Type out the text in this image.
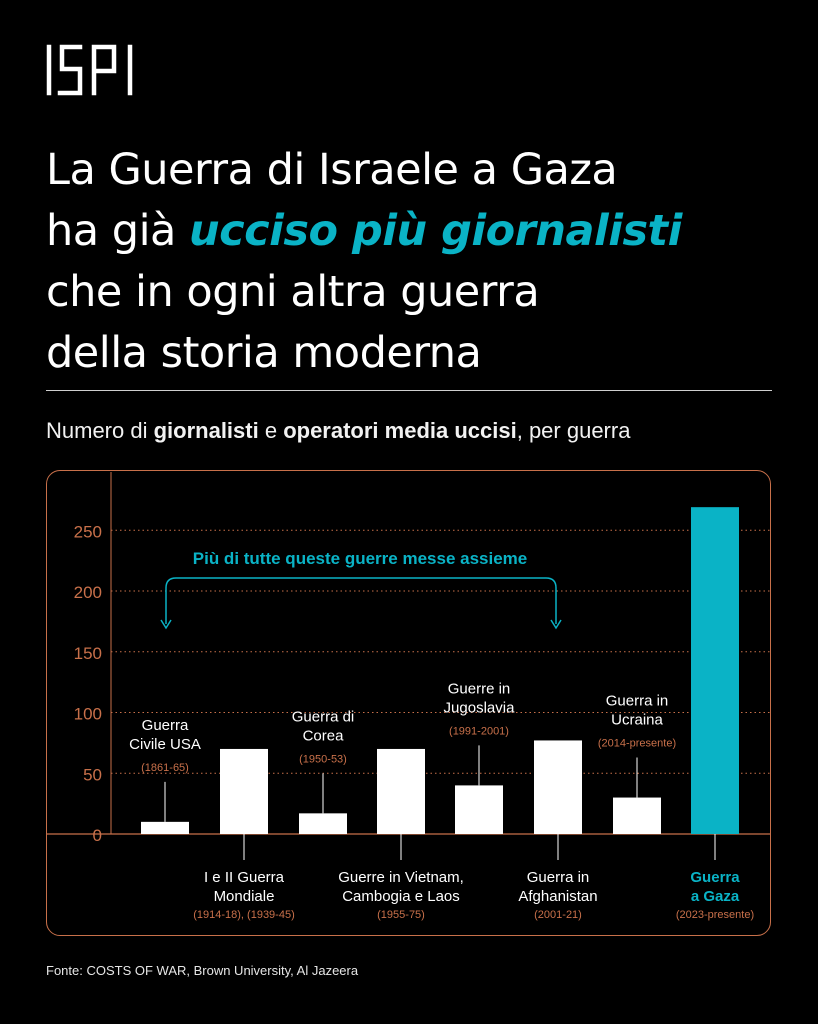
La Guerra di Israele a Gaza
ha già ucciso più giornalisti
che in ogni altra guerra
della storia moderna
Numero di giornalisti e operatori media uccisi, per guerra
0
50
100
150
200
250
Guerra
Civile USA
(1861-65)
I e II Guerra
Mondiale
(1914-18), (1939-45)
Guerra di
Corea
(1950-53)
Guerre in Vietnam,
Cambogia e Laos
(1955-75)
Guerre in
Jugoslavia
(1991-2001)
Guerra in
Afghanistan
(2001-21)
Guerra in
Ucraina
(2014-presente)
Guerra
a Gaza
(2023-presente)
Più di tutte queste guerre messe assieme
Fonte: COSTS OF WAR, Brown University, Al Jazeera
